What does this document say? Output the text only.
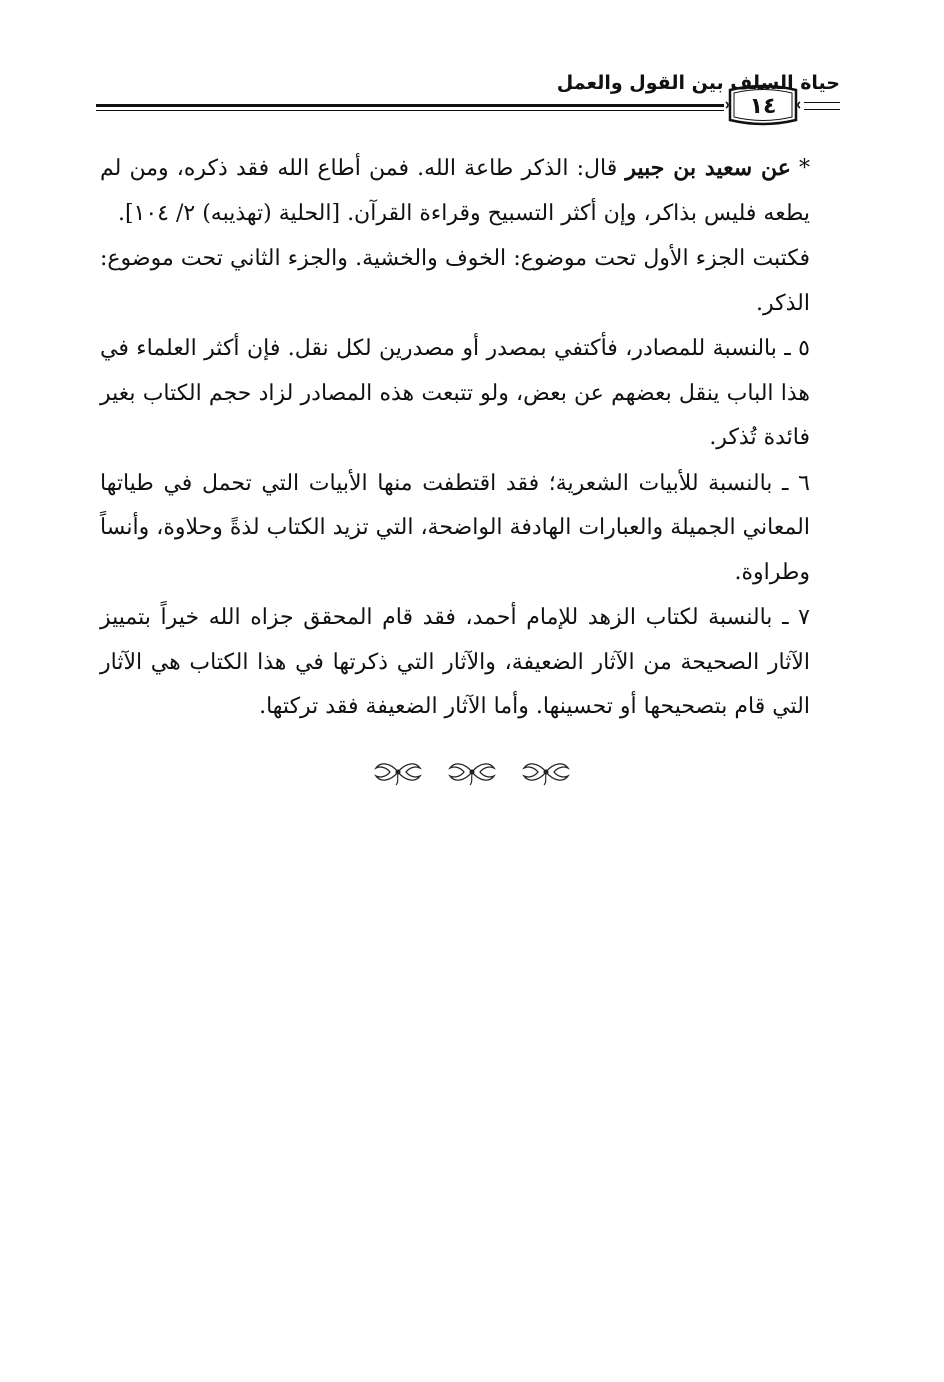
١٤
حياة السلف بين القول والعمل

* عن سعيد بن جبير قال: الذكر طاعة الله. فمن أطاع الله فقد ذكره، ومن لم يطعه فليس بذاكر، وإن أكثر التسبيح وقراءة القرآن. [الحلية (تهذيبه) ٢/ ١٠٤].

فكتبت الجزء الأول تحت موضوع: الخوف والخشية. والجزء الثاني تحت موضوع: الذكر.

٥ ـ بالنسبة للمصادر، فأكتفي بمصدر أو مصدرين لكل نقل. فإن أكثر العلماء في هذا الباب ينقل بعضهم عن بعض، ولو تتبعت هذه المصادر لزاد حجم الكتاب بغير فائدة تُذكر.

٦ ـ بالنسبة للأبيات الشعرية؛ فقد اقتطفت منها الأبيات التي تحمل في طياتها المعاني الجميلة والعبارات الهادفة الواضحة، التي تزيد الكتاب لذةً وحلاوة، وأنساً وطراوة.

٧ ـ بالنسبة لكتاب الزهد للإمام أحمد، فقد قام المحقق جزاه الله خيراً بتمييز الآثار الصحيحة من الآثار الضعيفة، والآثار التي ذكرتها في هذا الكتاب هي الآثار التي قام بتصحيحها أو تحسينها. وأما الآثار الضعيفة فقد تركتها.
